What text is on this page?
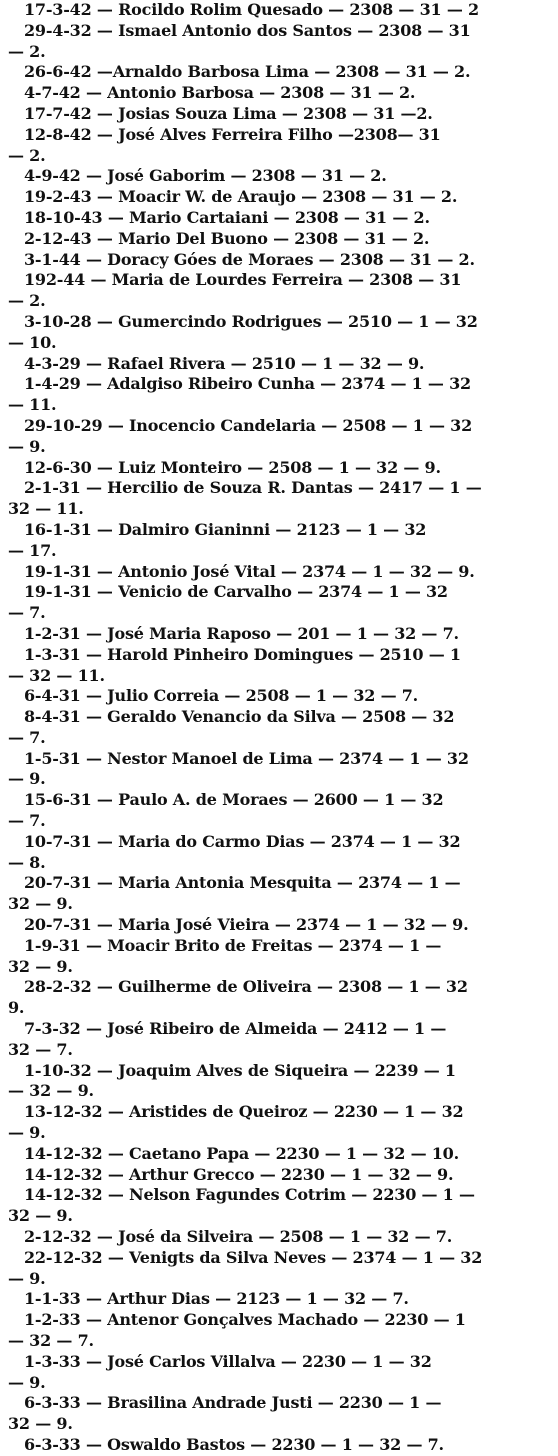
17-3-42 — Rocildo Rolim Quesado — 2308 — 31 — 2
29-4-32 — Ismael Antonio dos Santos — 2308 — 31
— 2.
26-6-42 —Arnaldo Barbosa Lima — 2308 — 31 — 2.
4-7-42 — Antonio Barbosa — 2308 — 31 — 2.
17-7-42 — Josias Souza Lima — 2308 — 31 —2.
12-8-42 — José Alves Ferreira Filho —2308— 31
— 2.
4-9-42 — José Gaborim — 2308 — 31 — 2.
19-2-43 — Moacir W. de Araujo — 2308 — 31 — 2.
18-10-43 — Mario Cartaiani — 2308 — 31 — 2.
2-12-43 — Mario Del Buono — 2308 — 31 — 2.
3-1-44 — Doracy Góes de Moraes — 2308 — 31 — 2.
192-44 — Maria de Lourdes Ferreira — 2308 — 31
— 2.
3-10-28 — Gumercindo Rodrigues — 2510 — 1 — 32
— 10.
4-3-29 — Rafael Rivera — 2510 — 1 — 32 — 9.
1-4-29 — Adalgiso Ribeiro Cunha — 2374 — 1 — 32
— 11.
29-10-29 — Inocencio Candelaria — 2508 — 1 — 32
— 9.
12-6-30 — Luiz Monteiro — 2508 — 1 — 32 — 9.
2-1-31 — Hercilio de Souza R. Dantas — 2417 — 1 —
32 — 11.
16-1-31 — Dalmiro Gianinni — 2123 — 1 — 32
— 17.
19-1-31 — Antonio José Vital — 2374 — 1 — 32 — 9.
19-1-31 — Venicio de Carvalho — 2374 — 1 — 32
— 7.
1-2-31 — José Maria Raposo — 201 — 1 — 32 — 7.
1-3-31 — Harold Pinheiro Domingues — 2510 — 1
— 32 — 11.
6-4-31 — Julio Correia — 2508 — 1 — 32 — 7.
8-4-31 — Geraldo Venancio da Silva — 2508 — 32
— 7.
1-5-31 — Nestor Manoel de Lima — 2374 — 1 — 32
— 9.
15-6-31 — Paulo A. de Moraes — 2600 — 1 — 32
— 7.
10-7-31 — Maria do Carmo Dias — 2374 — 1 — 32
— 8.
20-7-31 — Maria Antonia Mesquita — 2374 — 1 —
32 — 9.
20-7-31 — Maria José Vieira — 2374 — 1 — 32 — 9.
1-9-31 — Moacir Brito de Freitas — 2374 — 1 —
32 — 9.
28-2-32 — Guilherme de Oliveira — 2308 — 1 — 32
9.
7-3-32 — José Ribeiro de Almeida — 2412 — 1 —
32 — 7.
1-10-32 — Joaquim Alves de Siqueira — 2239 — 1
— 32 — 9.
13-12-32 — Aristides de Queiroz — 2230 — 1 — 32
— 9.
14-12-32 — Caetano Papa — 2230 — 1 — 32 — 10.
14-12-32 — Arthur Grecco — 2230 — 1 — 32 — 9.
14-12-32 — Nelson Fagundes Cotrim — 2230 — 1 —
32 — 9.
2-12-32 — José da Silveira — 2508 — 1 — 32 — 7.
22-12-32 — Venigts da Silva Neves — 2374 — 1 — 32
— 9.
1-1-33 — Arthur Dias — 2123 — 1 — 32 — 7.
1-2-33 — Antenor Gonçalves Machado — 2230 — 1
— 32 — 7.
1-3-33 — José Carlos Villalva — 2230 — 1 — 32
— 9.
6-3-33 — Brasilina Andrade Justi — 2230 — 1 —
32 — 9.
6-3-33 — Oswaldo Bastos — 2230 — 1 — 32 — 7.
